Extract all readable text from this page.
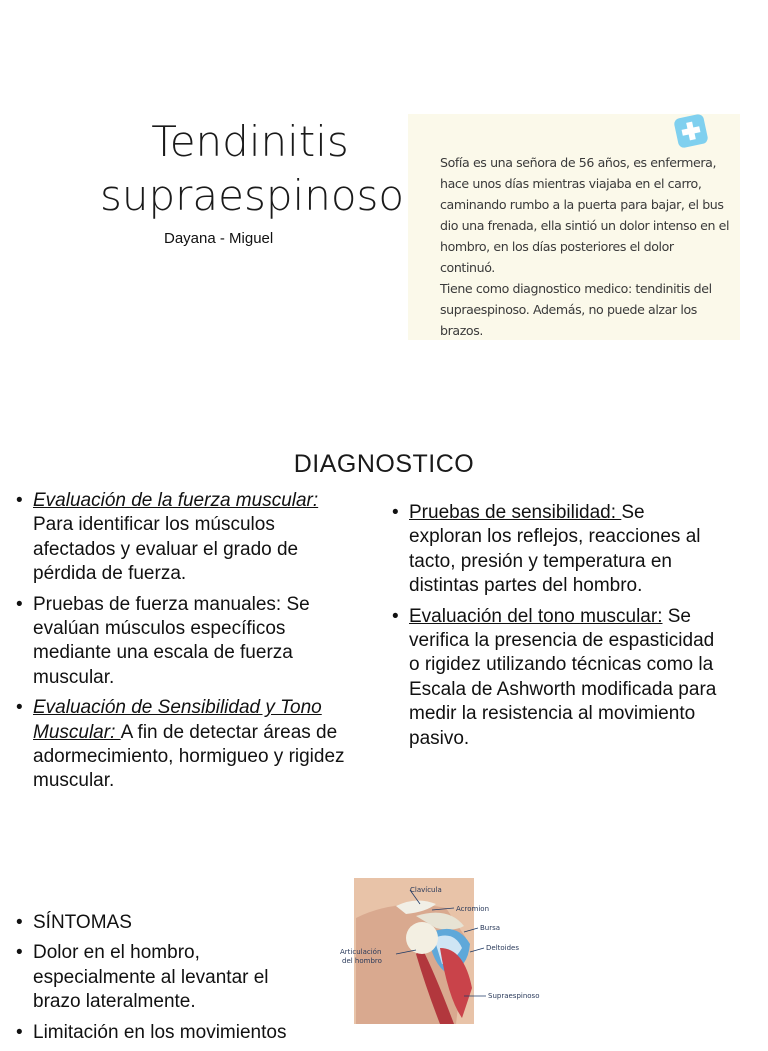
Tendinitis
supraespinoso
Dayana - Miguel
Sofía es una señora de 56 años, es enfermera,
hace unos días mientras viajaba en el carro,
caminando rumbo a la puerta para bajar, el bus
dio una frenada, ella sintió un dolor intenso en el
hombro, en los días posteriores el dolor continuó.
Tiene como diagnostico medico: tendinitis del
supraespinoso. Además, no puede alzar los brazos.
DIAGNOSTICO
• Evaluación de la fuerza muscular: Para identificar los músculos afectados y evaluar el grado de pérdida de fuerza.
• Pruebas de fuerza manuales: Se evalúan músculos específicos mediante una escala de fuerza muscular.
• Evaluación de Sensibilidad y Tono Muscular: A fin de detectar áreas de adormecimiento, hormigueo y rigidez muscular.
• Pruebas de sensibilidad: Se exploran los reflejos, reacciones al tacto, presión y temperatura en distintas partes del hombro.
• Evaluación del tono muscular: Se verifica la presencia de espasticidad o rigidez utilizando técnicas como la Escala de Ashworth modificada para medir la resistencia al movimiento pasivo.
• SÍNTOMAS
• Dolor en el hombro, especialmente al levantar el brazo lateralmente.
• Limitación en los movimientos
Clavícula
Acromion
Bursa
Deltoides
Articulación
del hombro
Supraespinoso
